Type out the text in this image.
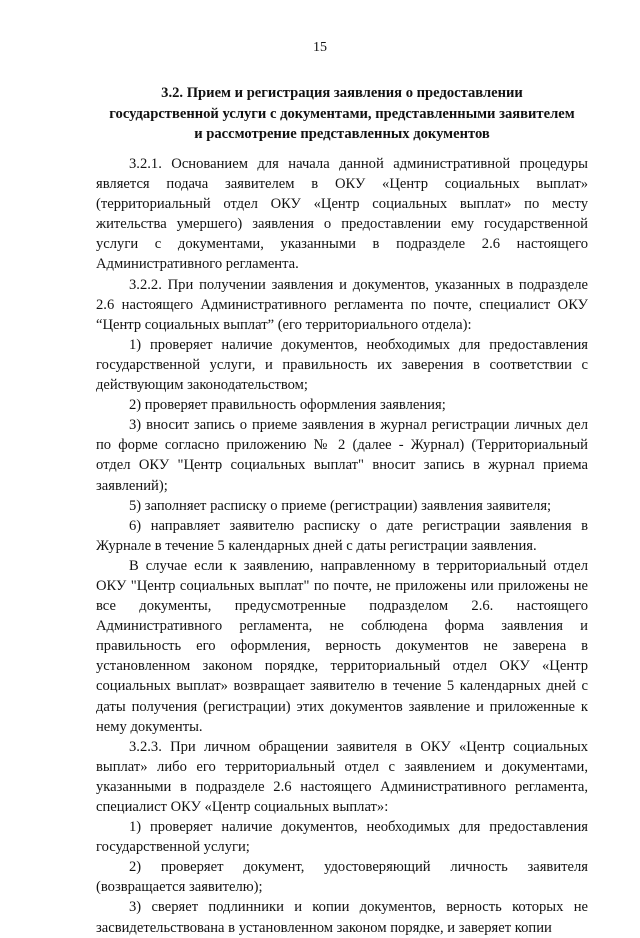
15
3.2. Прием и регистрация заявления о предоставлении
государственной услуги с документами, представленными заявителем
и рассмотрение представленных документов

3.2.1. Основанием для начала данной административной процедуры является подача заявителем в ОКУ «Центр социальных выплат» (территориальный отдел ОКУ «Центр социальных выплат» по месту жительства умершего) заявления о предоставлении ему государственной услуги с документами, указанными в подразделе 2.6 настоящего Административного регламента.

3.2.2. При получении заявления и документов, указанных в подразделе 2.6 настоящего Административного регламента по почте, специалист ОКУ “Центр социальных выплат” (его территориального отдела):

1) проверяет наличие документов, необходимых для предоставления государственной услуги, и правильность их заверения в соответствии с действующим законодательством;

2) проверяет правильность оформления заявления;

3) вносит запись о приеме заявления в журнал регистрации личных дел по форме согласно приложению № 2 (далее - Журнал) (Территориальный отдел ОКУ "Центр социальных выплат" вносит запись в журнал приема заявлений);

5) заполняет расписку о приеме (регистрации) заявления заявителя;

6) направляет заявителю расписку о дате регистрации заявления в Журнале в течение 5 календарных дней с даты регистрации заявления.

В случае если к заявлению, направленному в территориальный отдел ОКУ "Центр социальных выплат" по почте, не приложены или приложены не все документы, предусмотренные подразделом 2.6. настоящего Административного регламента, не соблюдена форма заявления и правильность его оформления, верность документов не заверена в установленном законом порядке, территориальный отдел ОКУ «Центр социальных выплат» возвращает заявителю в течение 5 календарных дней с даты получения (регистрации) этих документов заявление и приложенные к нему документы.

3.2.3. При личном обращении заявителя в ОКУ «Центр социальных выплат» либо его территориальный отдел с заявлением и документами, указанными в подразделе 2.6 настоящего Административного регламента, специалист ОКУ «Центр социальных выплат»:

1) проверяет наличие документов, необходимых для предоставления государственной услуги;

2) проверяет документ, удостоверяющий личность заявителя (возвращается заявителю);

3) сверяет подлинники и копии документов, верность которых не засвидетельствована в установленном законом порядке, и заверяет копии
